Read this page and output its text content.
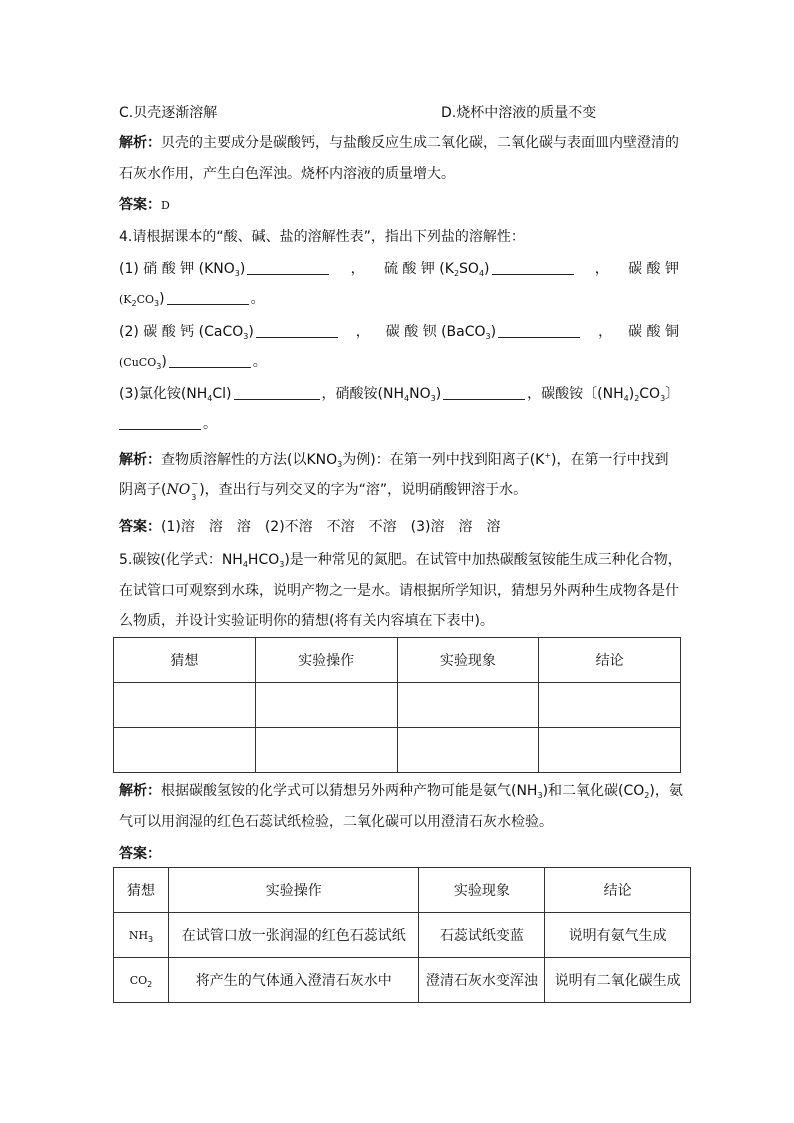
C.贝壳逐渐溶解	D.烧杯中溶液的质量不变
解析：贝壳的主要成分是碳酸钙，与盐酸反应生成二氧化碳，二氧化碳与表面皿内壁澄清的
石灰水作用，产生白色浑浊。烧杯内溶液的质量增大。
答案：D
4.请根据课本的“酸、碱、盐的溶解性表”，指出下列盐的溶解性：
(1) 硝 酸 钾 $(KNO_3)$	， 硫 酸 钾 $(K_2SO_4)$	， 碳 酸 钾
$(K_2CO_3)$	。
(2) 碳 酸 钙 (CaCO$_3$)	， 碳 酸 钡 (BaCO$_3$)	， 碳 酸 铜
(CuCO$_3$)	。
(3)氯化铵$(NH_4Cl)$	，硝酸铵$(NH_4NO_3)$	，碳酸铵〔$(NH_4)_2CO_3$〕
。
解析：查物质溶解性的方法(以$KNO_3$为例)：在第一列中找到阳离子(K+)，在第一行中找到
阴离子(NO −
3 )，查出行与列交叉的字为“溶”，说明硝酸钾溶于水。
答案：(1)溶　溶　溶　(2)不溶　不溶　不溶　(3)溶　溶　溶
5.碳铵(化学式：$NH_4HCO_3$)是一种常见的氮肥。在试管中加热碳酸氢铵能生成三种化合物，
在试管口可观察到水珠，说明产物之一是水。请根据所学知识，猜想另外两种生成物各是什
么物质，并设计实验证明你的猜想(将有关内容填在下表中)。
猜想	实验操作	实验现象	结论

解析：根据碳酸氢铵的化学式可以猜想另外两种产物可能是氨气$(NH_3)$和二氧化碳$(CO_2)$，氨
气可以用润湿的红色石蕊试纸检验，二氧化碳可以用澄清石灰水检验。
答案：
猜想	实验操作	实验现象	结论
$NH_3$	在试管口放一张润湿的红色石蕊试纸	石蕊试纸变蓝	说明有氨气生成
$CO_2$	将产生的气体通入澄清石灰水中	澄清石灰水变浑浊	说明有二氧化碳生成
